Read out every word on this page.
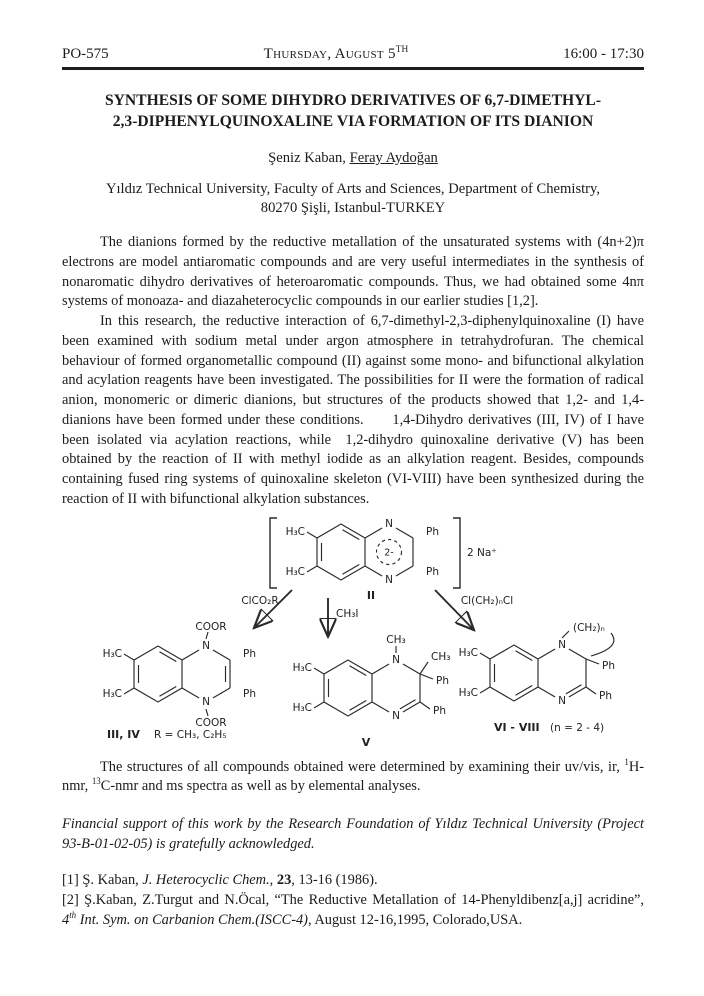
PO-575	Thursday, August 5TH	16:00 - 17:30
SYNTHESIS OF SOME DIHYDRO DERIVATIVES OF 6,7-DIMETHYL-
2,3-DIPHENYLQUINOXALINE VIA FORMATION OF ITS DIANION
Şeniz Kaban, Feray Aydoğan
Yıldız Technical University, Faculty of Arts and Sciences, Department of Chemistry,
80270 Şişli, Istanbul-TURKEY

The dianions formed by the reductive metallation of the unsaturated systems with (4n+2)π electrons are model antiaromatic compounds and are very useful intermediates in the synthesis of nonaromatic dihydro derivatives of heteroaromatic compounds. Thus, we had obtained some 4nπ systems of monoaza- and diazaheterocyclic compounds in our earlier studies [1,2].

In this research, the reductive interaction of 6,7-dimethyl-2,3-diphenylquinoxaline (I) have been examined with sodium metal under argon atmosphere in tetrahydrofuran. The chemical behaviour of formed organometallic compound (II) against some mono- and bifunctional alkylation and acylation reagents have been investigated. The possibilities for II were the formation of radical anion, monomeric or dimeric dianions, but structures of the products showed that 1,2- and 1,4-dianions have been formed under these conditions.    1,4-Dihydro derivatives (III, IV) of I have been isolated via acylation reactions, while  1,2-dihydro quinoxaline derivative (V) has been obtained by the reaction of II with methyl iodide as an alkylation reagent. Besides, compounds containing fused ring systems of quinoxaline skeleton (VI-VIII) have been synthesized during the reaction of II with bifunctional alkylation substances.

2-
H₃C
H₃C
N
N
Ph
Ph
2 Na⁺
II
ClCO₂R
CH₃I
Cl(CH₂)ₙCl
COOR
COOR
H₃C
H₃C
N
N
Ph
Ph
III, IV R = CH₃, C₂H₅
CH₃
CH₃
Ph
Ph
H₃C
H₃C
N
N
V
(CH₂)ₙ
Ph
Ph
H₃C
H₃C
N
N
VI - VIII (n = 2 - 4)

The structures of all compounds obtained were determined by examining their uv/vis, ir, $^1$H-nmr, $^{13}$C-nmr and ms spectra as well as by elemental analyses.

Financial support of this work by the Research Foundation of Yıldız Technical University (Project 93-B-01-02-05) is gratefully acknowledged.

[1] Ş. Kaban, J. Heterocyclic Chem., 23, 13-16 (1986).

[2] Ş.Kaban, Z.Turgut and N.Öcal, “The Reductive Metallation of 14-Phenyldibenz[a,j] acridine”, 4th Int. Sym. on Carbanion Chem.(ISCC-4), August 12-16,1995, Colorado,USA.
